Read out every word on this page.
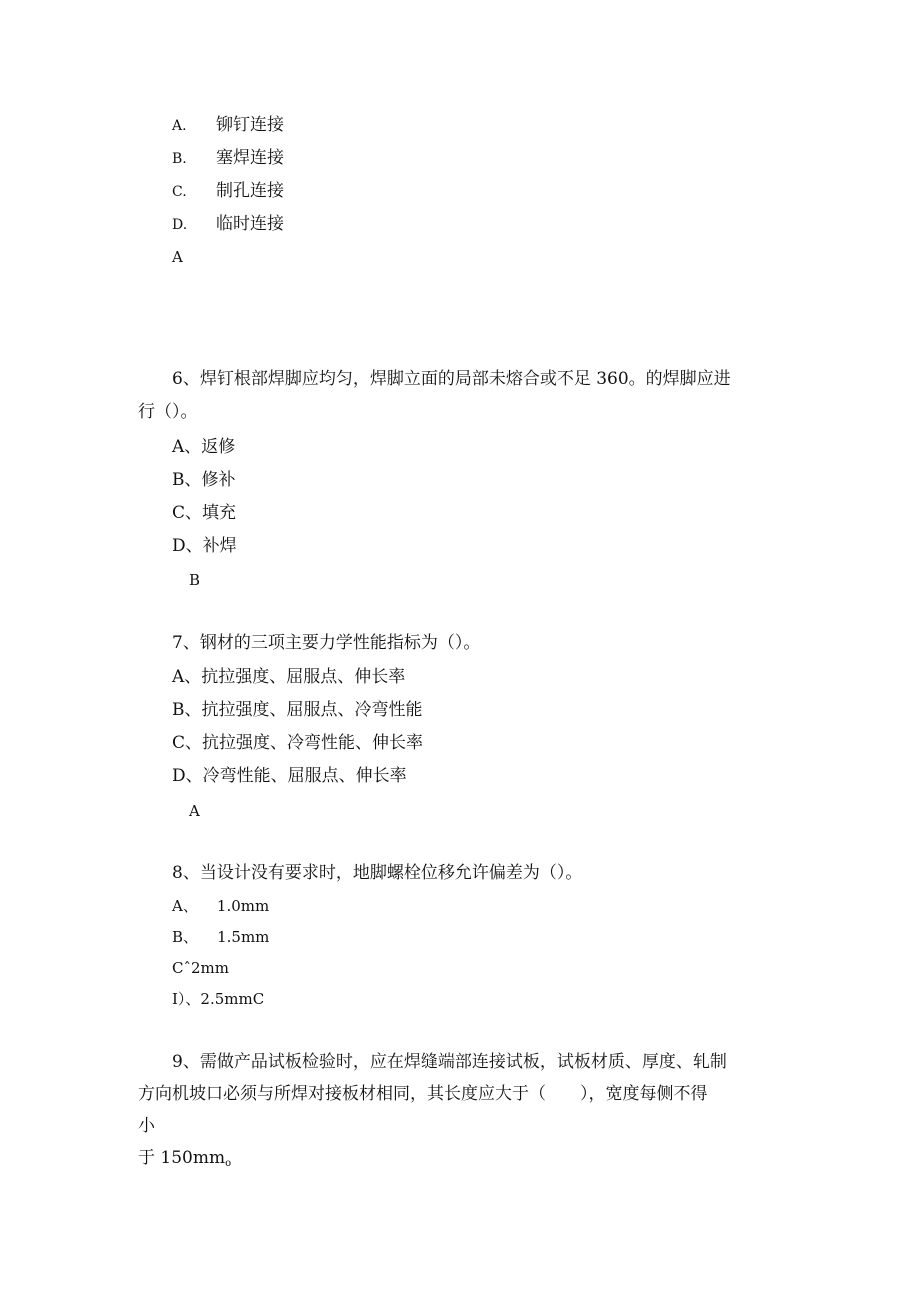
A. 铆钉连接
B. 塞焊连接
C. 制孔连接
D. 临时连接
A
6、焊钉根部焊脚应均匀，焊脚立面的局部未熔合或不足 360。的焊脚应进
行（）。
A、返修
B、修补
C、填充
D、补焊
B
7、钢材的三项主要力学性能指标为（）。
A、抗拉强度、屈服点、伸长率
B、抗拉强度、屈服点、冷弯性能
C、抗拉强度、冷弯性能、伸长率
D、冷弯性能、屈服点、伸长率
A
8、当设计没有要求时，地脚螺栓位移允许偏差为（）。
A、    1.0mm
B、    1.5mm
Cˆ2mm
I）、2.5mmC
9、需做产品试板检验时，应在焊缝端部连接试板，试板材质、厚度、轧制
方向机坡口必须与所焊对接板材相同，其长度应大于（　　），宽度每侧不得
小
于 $150mm_o$
